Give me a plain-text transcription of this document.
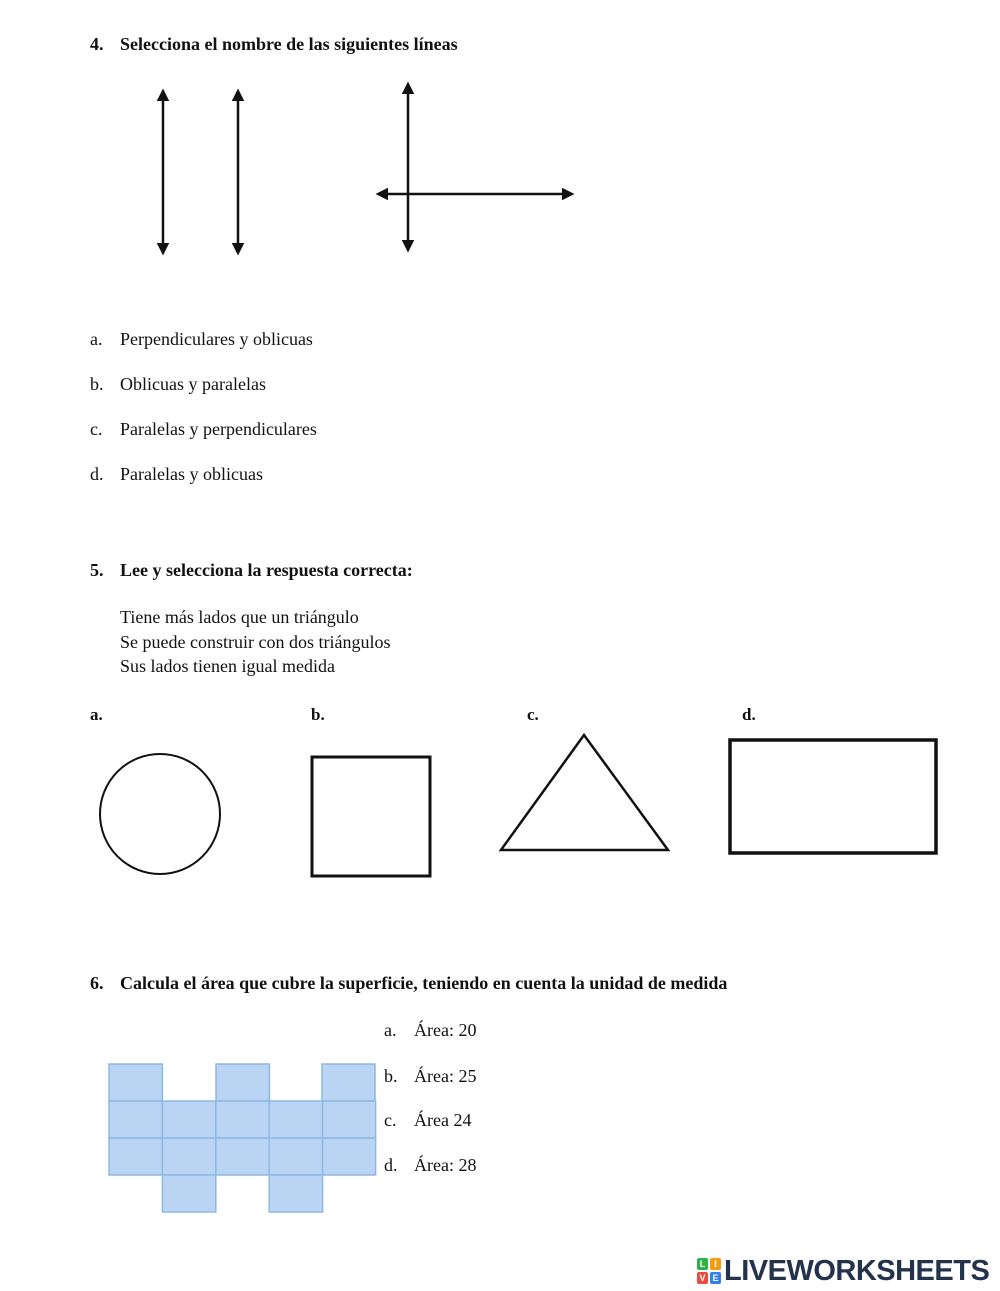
4. Selecciona el nombre de las siguientes líneas
a. Perpendiculares y oblicuas
b. Oblicuas y paralelas
c. Paralelas y perpendiculares
d. Paralelas y oblicuas
5. Lee y selecciona la respuesta correcta:
Tiene más lados que un triángulo
Se puede construir con dos triángulos
Sus lados tienen igual medida
a.	b.	c.	d.
6. Calcula el área que cubre la superficie, teniendo en cuenta la unidad de medida
a. Área: 20
b. Área: 25
c. Área 24
d. Área: 28
L I
V E LIVEWORKSHEETS
